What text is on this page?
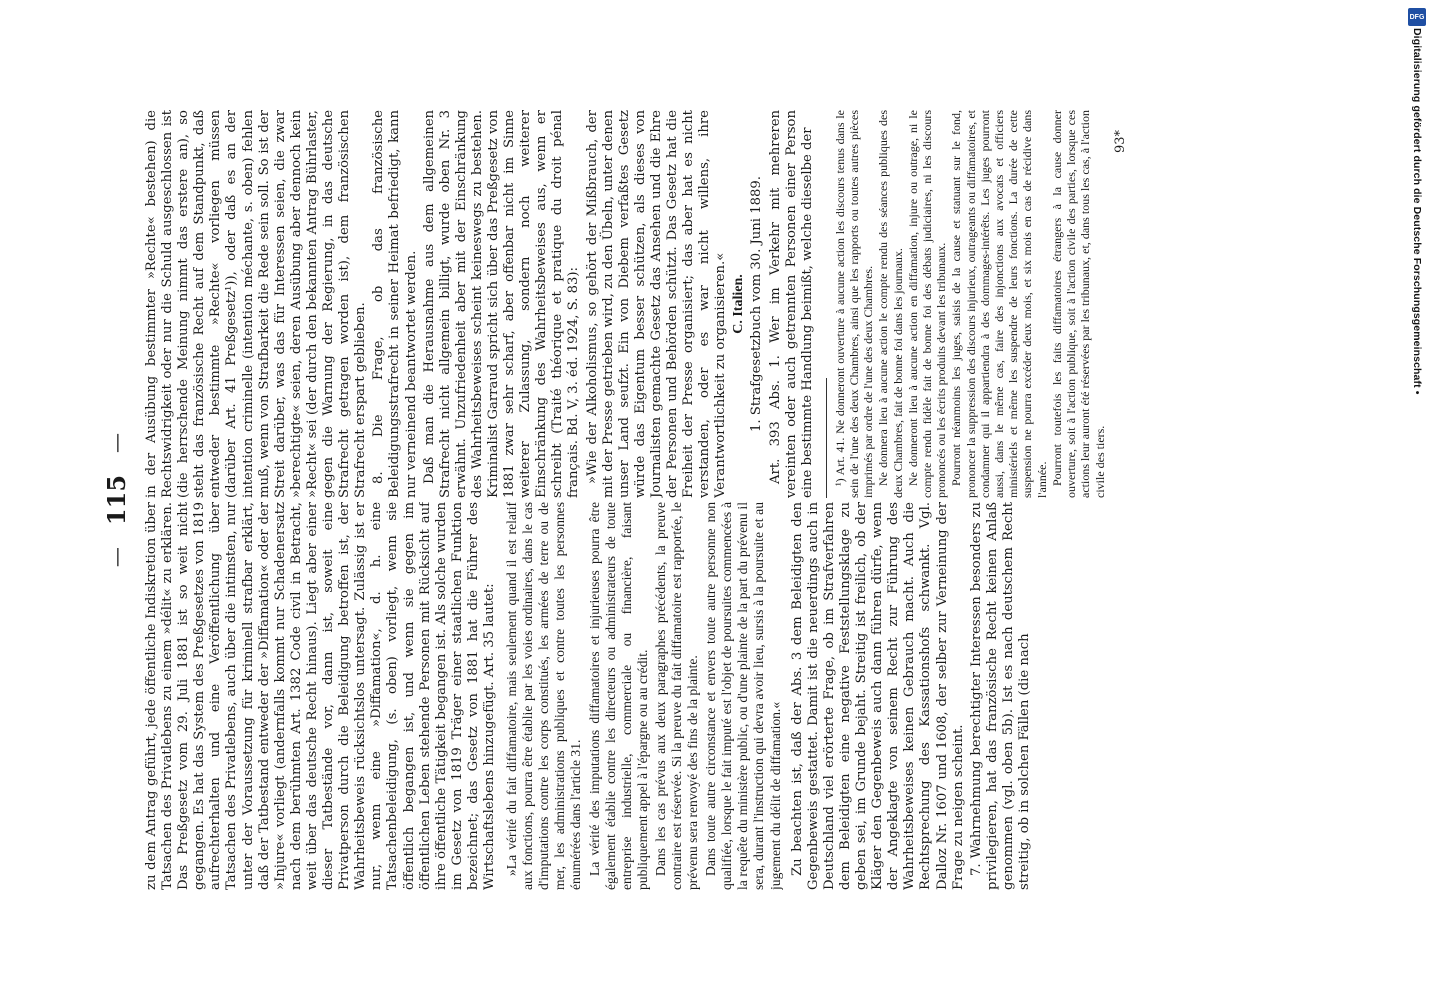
—
115
—

zu dem Antrag geführt, jede öffentliche Indiskretion über Tatsachen des Privatlebens zu einem »délit« zu erklären. Das Preßgesetz vom 29. Juli 1881 ist so weit nicht gegangen. Es hat das System des Preßgesetzes von 1819 aufrechterhalten und eine Veröffentlichung über Tatsachen des Privatlebens, auch über die intimsten, nur unter der Voraussetzung für kriminell strafbar erklärt, daß der Tatbestand entweder der »Diffamation« oder der »Injure« vorliegt (andernfalls kommt nur Schadenersatz nach dem berühmten Art. 1382 Code civil in Betracht, weit über das deutsche Recht hinaus). Liegt aber einer dieser Tatbestände vor, dann ist, soweit eine Privatperson durch die Beleidigung betroffen ist, der Wahrheitsbeweis rücksichtslos untersagt. Zulässig ist er nur, wenn eine »Diffamation«, d. h. eine Tatsachenbeleidigung, (s. oben) vorliegt, wenn sie öffentlich begangen ist, und wenn sie gegen im öffentlichen Leben stehende Personen mit Rücksicht auf ihre öffentliche Tätigkeit begangen ist. Als solche wurden im Gesetz von 1819 Träger einer staatlichen Funktion bezeichnet; das Gesetz von 1881 hat die Führer des Wirtschaftslebens hinzugefügt. Art. 35 lautet: »La vérité du fait diffamatoire, mais seulement quand il est relatif aux fonctions, pourra être établie par les voies ordinaires, dans le cas d'imputations contre les corps constitués, les armées de terre ou de mer, les administrations publiques et contre toutes les personnes énumérées dans l'article 31. La vérité des imputations diffamatoires et injurieuses pourra être également établie contre les directeurs ou administrateurs de toute entreprise industrielle, commerciale ou financière, faisant publiquement appel à l'épargne ou au crédit. Dans les cas prévus aux deux paragraphes précédents, la preuve contraire est réservée. Si la preuve du fait diffamatoire est rapportée, le prévenu sera renvoyé des fins de la plainte. Dans toute autre circonstance et envers toute autre personne non qualifiée, lorsque le fait imputé est l'objet de poursuites commencées à la requête du ministère public, ou d'une plainte de la part du prévenu il sera, durant l'instruction qui devra avoir lieu, sursis à la poursuite et au jugement du délit de diffamation.« Zu beachten ist, daß der Abs. 3 dem Beleidigten den Gegenbeweis gestattet. Damit ist die neuerdings auch in Deutschland viel erörterte Frage, ob im Strafverfahren dem Beleidigten eine negative Feststellungsklage zu geben sei, im Grunde bejaht. Streitig ist freilich, ob der Kläger den Gegenbeweis auch dann führen dürfe, wenn der Angeklagte von seinem Recht zur Führung des Wahrheitsbeweises keinen Gebrauch macht. Auch die Rechtsprechung des Kassationshofs schwankt. Vgl. Dalloz Nr. 1607 und 1608, der selber zur Verneinung der Frage zu neigen scheint. 7. Wahrnehmung berechtigter Interessen besonders zu privilegieren, hat das französische Recht keinen Anlaß genommen (vgl. oben 5b). Ist es nach deutschem Recht streitig, ob in solchen Fällen (die nach

in der Ausübung bestimmter »Rechte« bestehen) die Rechtswidrigkeit oder nur die Schuld ausgeschlossen ist (die herrschende Meinung nimmt das erstere an), so steht das französische Recht auf dem Standpunkt, daß entweder bestimmte »Rechte« vorliegen müssen (darüber Art. 41 Preßgesetz¹)), oder daß es an der intention criminelle (intention méchante, s. oben) fehlen muß, wenn von Strafbarkeit die Rede sein soll. So ist der Streit darüber, was das für Interessen seien, die zwar »berechtigte« seien, deren Ausübung aber dennoch kein »Recht« sei (der durch den bekannten Antrag Bührlaster, gegen die Warnung der Regierung, in das deutsche Strafrecht getragen worden ist), dem französischen Strafrecht erspart geblieben. 8. Die Frage, ob das französische Beleidigungsstrafrecht in seiner Heimat befriedigt, kann nur verneinend beantwortet werden. Daß man die Herausnahme aus dem allgemeinen Strafrecht nicht allgemein billigt, wurde oben Nr. 3 erwähnt. Unzufriedenheit aber mit der Einschränkung des Wahrheitsbeweises scheint keineswegs zu bestehen. Kriminalist Garraud spricht sich über das Preßgesetz von 1881 zwar sehr scharf, aber offenbar nicht im Sinne weiterer Zulassung, sondern noch weiterer Einschränkung des Wahrheitsbeweises aus, wenn er schreibt (Traité théorique et pratique du droit pénal français. Bd. V, 3. éd. 1924, S. 83): »Wie der Alkoholismus, so gehört der Mißbrauch, der mit der Presse getrieben wird, zu den Übeln, unter denen unser Land seufzt. Ein von Diebem verfaßtes Gesetz würde das Eigentum besser schützen, als dieses von Journalisten gemachte Gesetz das Ansehen und die Ehre der Personen und Behörden schützt. Das Gesetz hat die Freiheit der Presse organisiert; das aber hat es nicht verstanden, oder es war nicht willens, ihre Verantwortlichkeit zu organisieren.« C. Italien. 1. Strafgesetzbuch vom 30. Juni 1889. Art. 393 Abs. 1. Wer im Verkehr mit mehreren vereinten oder auch getrennten Personen einer Person eine bestimmte Handlung beimißt, welche dieselbe der ¹) Art. 41. Ne donneront ouverture à aucune action les discours tenus dans le sein de l'une des deux Chambres, ainsi que les rapports ou toutes autres pièces imprimés par ordre de l'une des deux Chambres. Ne donnera lieu à aucune action le compte rendu des séances publiques des deux Chambres, fait de bonne foi dans les journaux. Ne donneront lieu à aucune action en diffamation, injure ou outrage, ni le compte rendu fidèle fait de bonne foi des débats judiciaires, ni les discours prononcés ou les écrits produits devant les tribunaux. Pourront néanmoins les juges, saisis de la cause et statuant sur le fond, prononcer la suppression des discours injurieux, outrageants ou diffamatoires, et condamner qui il appartiendra à des dommages-intérêts. Les juges pourront aussi, dans le même cas, faire des injonctions aux avocats et officiers ministériels et même les suspendre de leurs fonctions. La durée de cette suspension ne pourra excéder deux mois, et six mois en cas de récidive dans l'année. Pourront toutefois les faits diffamatoires étrangers à la cause donner ouverture, soit à l'action publique, soit à l'action civile des parties, lorsque ces actions leur auront été réservées par les tribunaux, et, dans tous les cas, à l'action civile des tiers.

93*
DFG
Digitalisierung gefördert durch die Deutsche Forschungsgemeinschaft •
